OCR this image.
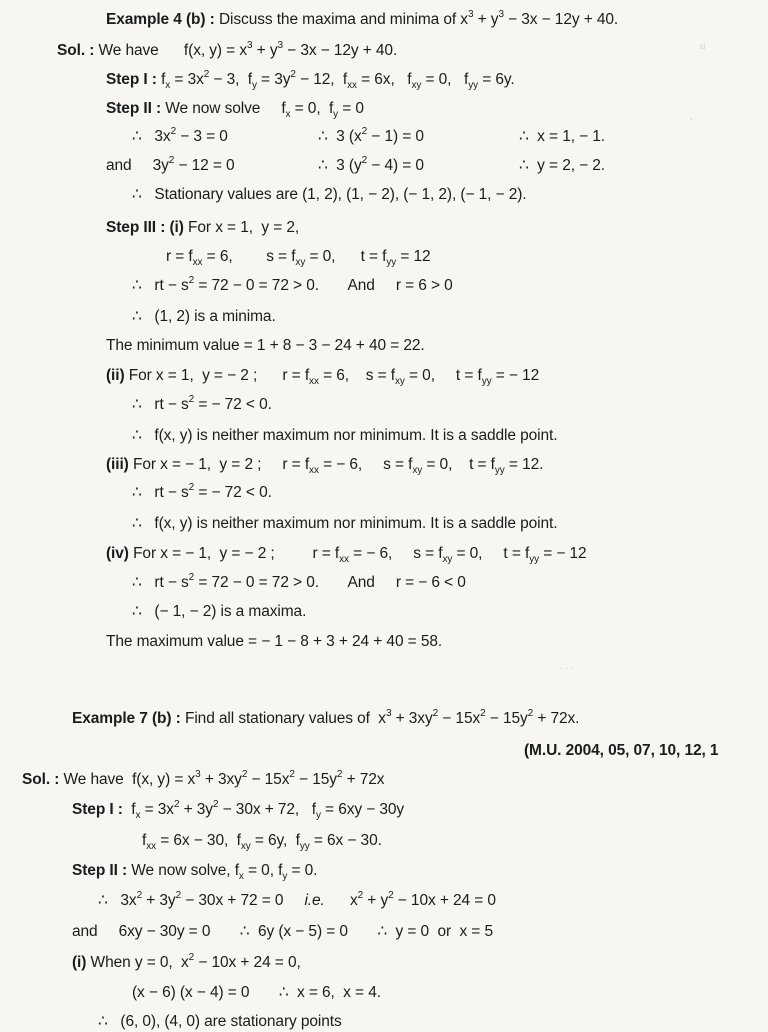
u
,
. . .
Example 4 (b) : Discuss the maxima and minima of $x^3 + y^3 - 3x - 12y + 40$.
Sol. : We have      f(x, $y) = x^3 + y^3 - 3x - 12y + 40$.
Step I : $f_x = 3x^2 - 3$,  $f_y = 3y^2 - 12$,  $f_{xx} = 6x$,   $f_{xy} = 0$,   $f_{yy} = 6y$.
Step II : We now solve     $f_x = 0$,  $f_y = 0$
∴   $3x^2 - 3 = 0$	∴  3 $(x^2 - 1) = 0$	∴  x = 1, − 1.
and     $3y^2 - 12 = 0$	∴  3 $(y^2 - 4) = 0$	∴  y = 2, − 2.
∴   Stationary values are (1, 2), (1, − 2), (− 1, 2), (− 1, − 2).
Step III : (i) For x = 1,  y = 2,
$r = f_{xx} = 6$,        $s = f_{xy} = 0$,      $t = f_{yy} = 12$
∴   rt − $s^2 = 72 - 0 = 72 > 0$.       And     r = 6 > 0
∴   (1, 2) is a minima.
The minimum value = 1 + 8 − 3 − 24 + 40 = 22.
(ii) For x = 1,  y = − 2 ;      $r = f_{xx} = 6$,    $s = f_{xy} = 0$,     $t = f_{yy}$ = − 12
∴   rt − $s^2$ = − 72 < 0.
∴   f(x, y) is neither maximum nor minimum. It is a saddle point.
(iii) For x = − 1,  y = 2 ;     $r = f_{xx}$ = − 6,     $s = f_{xy} = 0$,    $t = f_{yy} = 12$.
∴   rt − $s^2$ = − 72 < 0.
∴   f(x, y) is neither maximum nor minimum. It is a saddle point.
(iv) For x = − 1,  y = − 2 ;         $r = f_{xx}$ = − 6,     $s = f_{xy} = 0$,     $t = f_{yy}$ = − 12
∴   rt − $s^2 = 72 - 0 = 72 > 0$.       And     r = − 6 < 0
∴   (− 1, − 2) is a maxima.
The maximum value = − 1 − 8 + 3 + 24 + 40 = 58.
Example 7 (b) : Find all stationary values of  $x^3 + 3xy^2 - 15x^2 - 15y^2 + 72x$.
(M.U. 2004, 05, 07, 10, 12, 1
Sol. : We have  f(x, $y) = x^3 + 3xy^2 - 15x^2 - 15y^2 + 72x$
Step I :  $f_x = 3x^2 + 3y^2 - 30x + 72$,   $f_y = 6xy - 30y$
$f_{xx} = 6x - 30$,  $f_{xy} = 6y$,  $f_{yy} = 6x - 30$.
Step II : We now solve, $f_x = 0$, $f_y = 0$.
∴   $3x^2 + 3y^2 - 30x + 72 = 0$     i.e.      $x^2 + y^2 - 10x + 24 = 0$
and     6xy − 30y = 0       ∴  6y (x − 5) = 0       ∴  y = 0  or  x = 5
(i) When y = 0,  $x^2 - 10x + 24 = 0$,
(x − 6) (x − 4) = 0       ∴  x = 6,  x = 4.
∴   (6, 0), (4, 0) are stationary points
